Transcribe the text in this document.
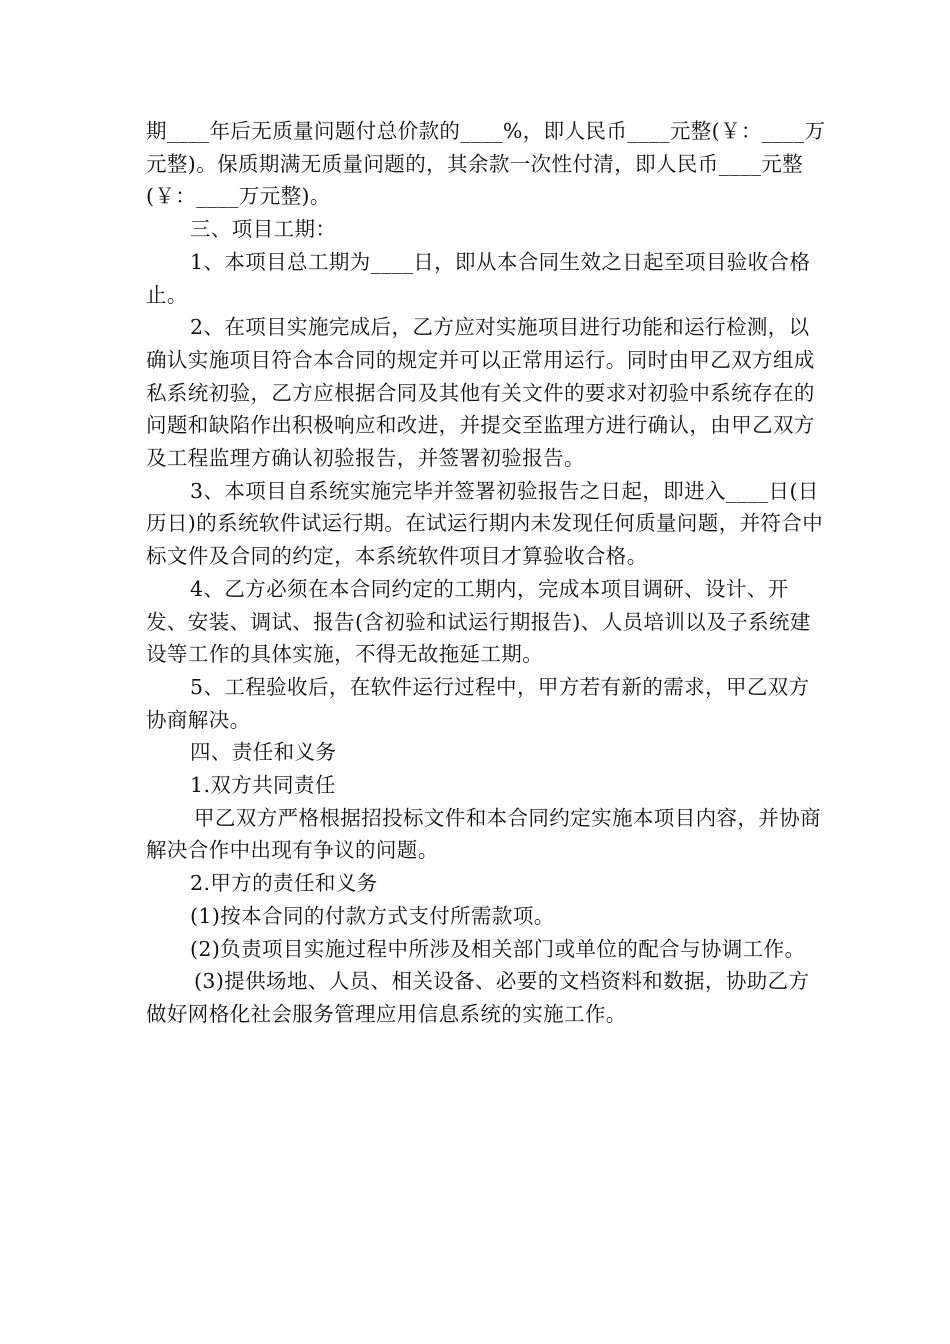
期____年后无质量问题付总价款的____%，即人民币____元整(￥：____万元整)。保质期满无质量问题的，其余款一次性付清，即人民币____元整(￥：____万元整)。

三、项目工期：

1、本项目总工期为____日，即从本合同生效之日起至项目验收合格止。

2、在项目实施完成后，乙方应对实施项目进行功能和运行检测，以确认实施项目符合本合同的规定并可以正常用运行。同时由甲乙双方组成私系统初验，乙方应根据合同及其他有关文件的要求对初验中系统存在的问题和缺陷作出积极响应和改进，并提交至监理方进行确认，由甲乙双方及工程监理方确认初验报告，并签署初验报告。

3、本项目自系统实施完毕并签署初验报告之日起，即进入____日(日历日)的系统软件试运行期。在试运行期内未发现任何质量问题，并符合中标文件及合同的约定，本系统软件项目才算验收合格。

4、乙方必须在本合同约定的工期内，完成本项目调研、设计、开发、安装、调试、报告(含初验和试运行期报告)、人员培训以及子系统建设等工作的具体实施，不得无故拖延工期。

5、工程验收后，在软件运行过程中，甲方若有新的需求，甲乙双方协商解决。

四、责任和义务

1.双方共同责任

甲乙双方严格根据招投标文件和本合同约定实施本项目内容，并协商解决合作中出现有争议的问题。

2.甲方的责任和义务

(1)按本合同的付款方式支付所需款项。

(2)负责项目实施过程中所涉及相关部门或单位的配合与协调工作。

(3)提供场地、人员、相关设备、必要的文档资料和数据，协助乙方做好网格化社会服务管理应用信息系统的实施工作。
